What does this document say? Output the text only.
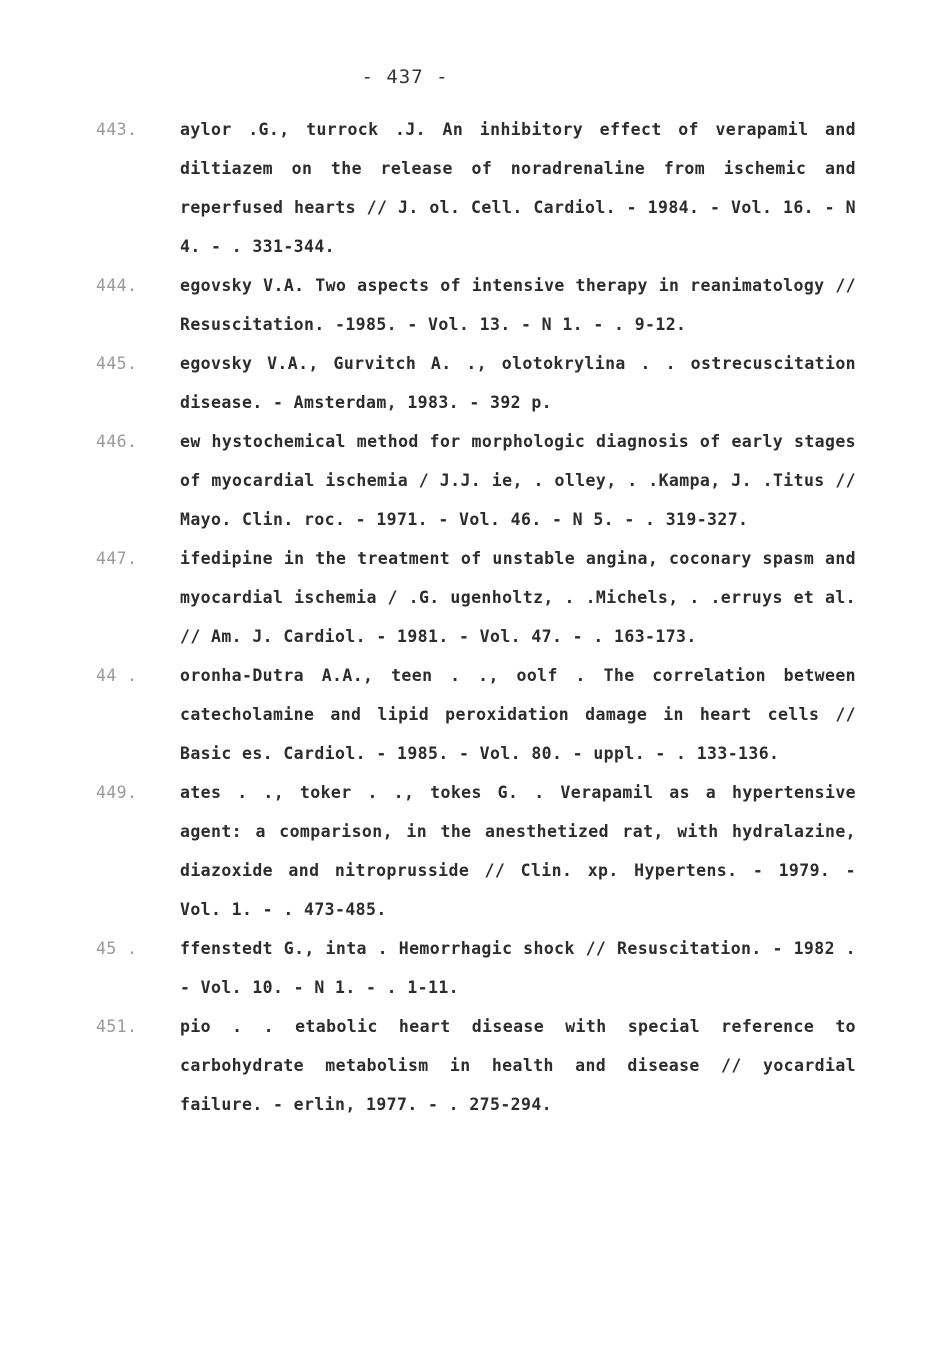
- 437 -
443.	aylor .G., turrock .J. An inhibitory effect of verapamil and diltiazem on the release of noradrenaline from ischemic and reperfused hearts // J. ol. Cell. Cardiol. - 1984. - Vol. 16. - N 4. - . 331-344.
444.	egovsky V.A. Two aspects of intensive therapy in reanimatology // Resuscitation. -1985. - Vol. 13. - N 1. - . 9-12.
445.	egovsky V.A., Gurvitch A. ., olotokrylina . . ostrecuscitation disease. - Amsterdam, 1983. - 392 p.
446.	ew hystochemical method for morphologic diagnosis of early stages of myocardial ischemia / J.J. ie, . olley, . .Kampa, J. .Titus // Mayo. Clin. roc. - 1971. - Vol. 46. - N 5. - . 319-327.
447.	ifedipine in the treatment of unstable angina, coconary spasm and myocardial ischemia / .G. ugenholtz, . .Michels, . .erruys et al. // Am. J. Cardiol. - 1981. - Vol. 47. - . 163-173.
44 .	oronha-Dutra A.A., teen . ., oolf . The correlation between catecholamine and lipid peroxidation damage in heart cells // Basic es. Cardiol. - 1985. - Vol. 80. - uppl. - . 133-136.
449.	ates . ., toker . ., tokes G. . Verapamil as a hypertensive agent: a comparison, in the anesthetized rat, with hydralazine, diazoxide and nitroprusside // Clin. xp. Hypertens. - 1979. - Vol. 1. - . 473-485.
45 .	ffenstedt G., inta . Hemorrhagic shock // Resuscitation. - 1982 . - Vol. 10. - N 1. - . 1-11.
451.	pio . . etabolic heart disease with special reference to carbohydrate metabolism in health and disease // yocardial failure. - erlin, 1977. - . 275-294.
